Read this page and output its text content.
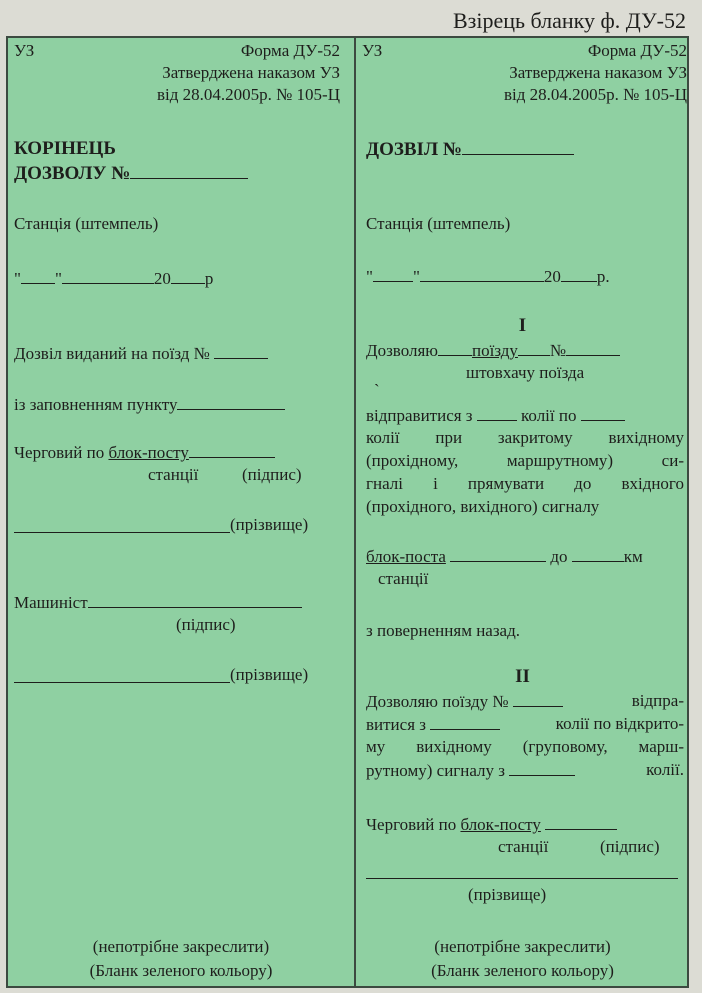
Взірець бланку ф. ДУ-52
УЗ	Форма ДУ-52
Затверджена наказом УЗ
від 28.04.2005р. № 105-Ц
КОРІНЕЦЬ
ДОЗВОЛУ №
Станція (штемпель)
" "	20 р
Дозвіл виданий на поїзд №
із заповненням пункту
Черговий по блок-посту
станції	(підпис)
(прізвище)
Машиніст
(підпис)
(прізвище)
(непотрібне закреслити)
(Бланк зеленого кольору)
УЗ	Форма ДУ-52
Затверджена наказом УЗ
від 28.04.2005р. № 105-Ц
ДОЗВІЛ №
Станція (штемпель)
" "	20 р.
I
Дозволяю поїзду №
штовхачу поїзда
`
відправитися з	колії по
колії при закритому вихідному
(прохідному, маршрутному) си-
гналі і прямувати до вхідного
(прохідного, вихідного) сигналу
блок-поста	до	км
станції
з поверненням назад.
II
Дозволяю поїзду №	відпра-
витися з	колії по відкрито-
му вихідному (груповому, марш-
рутному) сигналу з	колії.
Черговий по блок-посту
станції	(підпис)
(прізвище)
(непотрібне закреслити)
(Бланк зеленого кольору)
